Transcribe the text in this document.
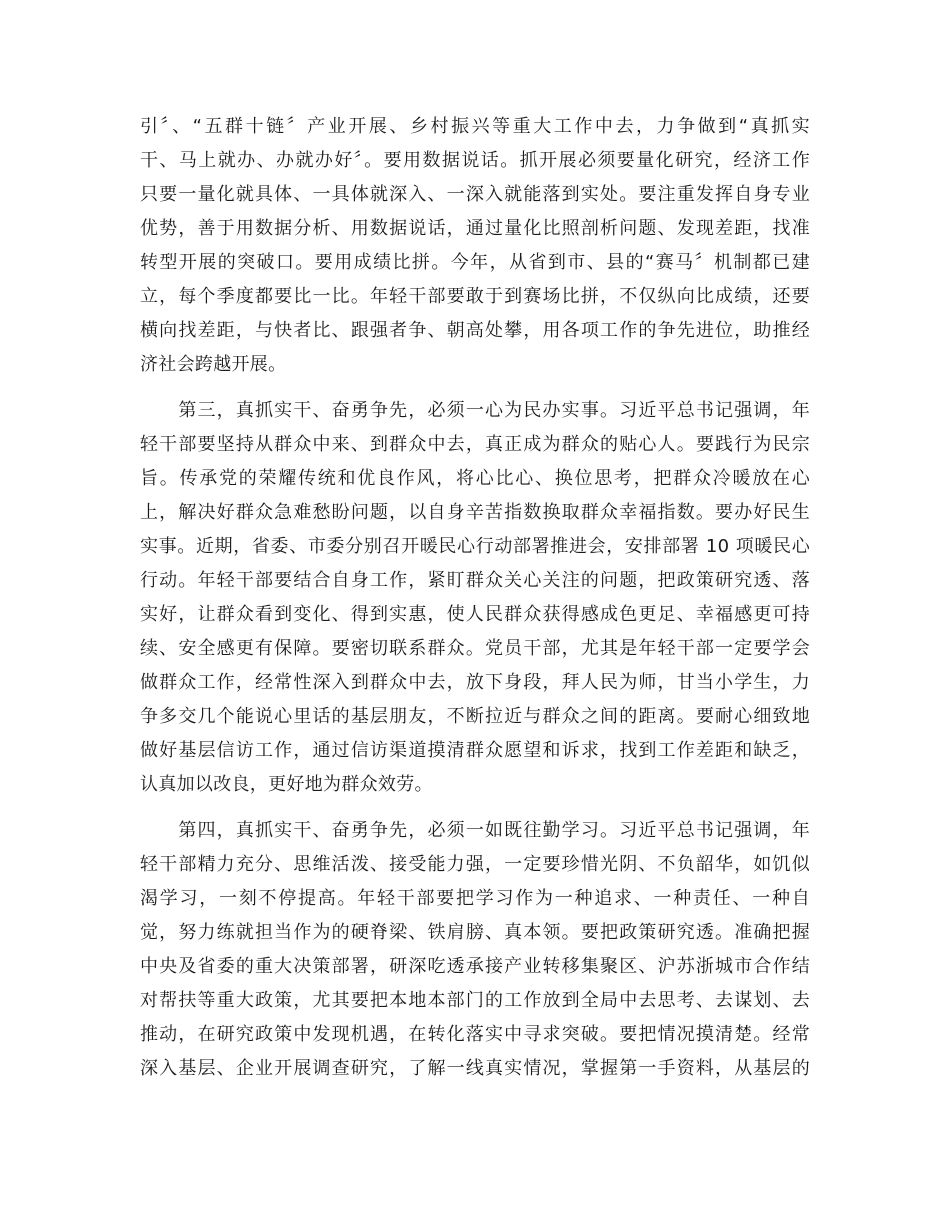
引〞、“五群十链〞产业开展、乡村振兴等重大工作中去，力争做到“真抓实
干、马上就办、办就办好〞。要用数据说话。抓开展必须要量化研究，经济工作
只要一量化就具体、一具体就深入、一深入就能落到实处。要注重发挥自身专业
优势，善于用数据分析、用数据说话，通过量化比照剖析问题、发现差距，找准
转型开展的突破口。要用成绩比拼。今年，从省到市、县的“赛马〞机制都已建
立，每个季度都要比一比。年轻干部要敢于到赛场比拼，不仅纵向比成绩，还要
横向找差距，与快者比、跟强者争、朝高处攀，用各项工作的争先进位，助推经
济社会跨越开展。
　　第三，真抓实干、奋勇争先，必须一心为民办实事。习近平总书记强调，年
轻干部要坚持从群众中来、到群众中去，真正成为群众的贴心人。要践行为民宗
旨。传承党的荣耀传统和优良作风，将心比心、换位思考，把群众冷暖放在心
上，解决好群众急难愁盼问题，以自身辛苦指数换取群众幸福指数。要办好民生
实事。近期，省委、市委分别召开暖民心行动部署推进会，安排部署 10 项暖民心
行动。年轻干部要结合自身工作，紧盯群众关心关注的问题，把政策研究透、落
实好，让群众看到变化、得到实惠，使人民群众获得感成色更足、幸福感更可持
续、安全感更有保障。要密切联系群众。党员干部，尤其是年轻干部一定要学会
做群众工作，经常性深入到群众中去，放下身段，拜人民为师，甘当小学生，力
争多交几个能说心里话的基层朋友，不断拉近与群众之间的距离。要耐心细致地
做好基层信访工作，通过信访渠道摸清群众愿望和诉求，找到工作差距和缺乏，
认真加以改良，更好地为群众效劳。
　　第四，真抓实干、奋勇争先，必须一如既往勤学习。习近平总书记强调，年
轻干部精力充分、思维活泼、接受能力强，一定要珍惜光阴、不负韶华，如饥似
渴学习，一刻不停提高。年轻干部要把学习作为一种追求、一种责任、一种自
觉，努力练就担当作为的硬脊梁、铁肩膀、真本领。要把政策研究透。准确把握
中央及省委的重大决策部署，研深吃透承接产业转移集聚区、沪苏浙城市合作结
对帮扶等重大政策，尤其要把本地本部门的工作放到全局中去思考、去谋划、去
推动，在研究政策中发现机遇，在转化落实中寻求突破。要把情况摸清楚。经常
深入基层、企业开展调查研究，了解一线真实情况，掌握第一手资料，从基层的
